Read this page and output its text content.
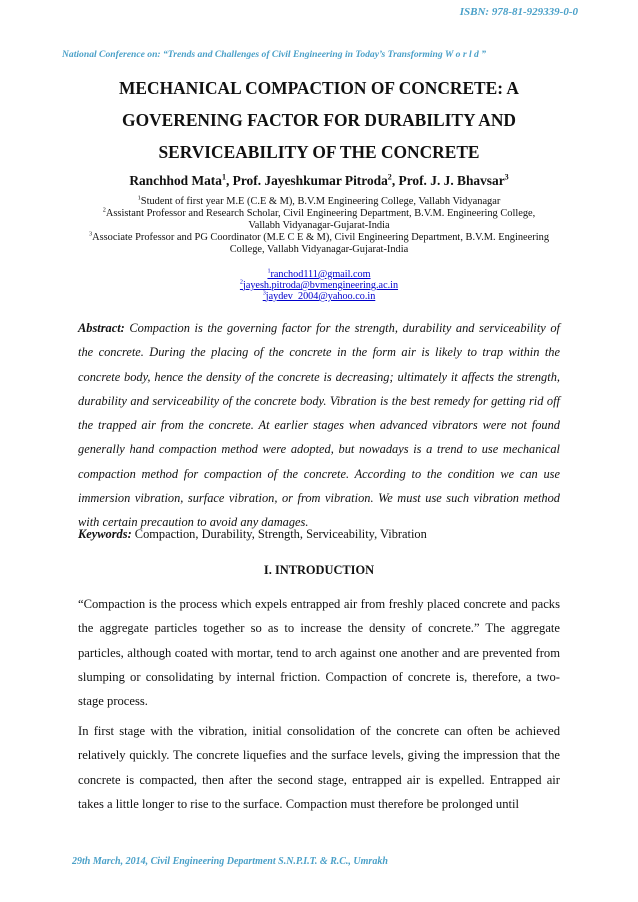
ISBN: 978-81-929339-0-0
National Conference on: “Trends and Challenges of Civil Engineering in Today’s Transforming W o r l d ”
MECHANICAL COMPACTION OF CONCRETE: A
GOVERENING FACTOR FOR DURABILITY AND
SERVICEABILITY OF THE CONCRETE
Ranchhod Mata$^1$, Prof. Jayeshkumar Pitroda$^2$, Prof. J. J. Bhavsar$^3$
$^1$Student of first year M.E (C.E & M), B.V.M Engineering College, Vallabh Vidyanagar
$^2$Assistant Professor and Research Scholar, Civil Engineering Department, B.V.M. Engineering College,
Vallabh Vidyanagar-Gujarat-India
$^3$Associate Professor and PG Coordinator (M.E C E & M), Civil Engineering Department, B.V.M. Engineering
College, Vallabh Vidyanagar-Gujarat-India
$^1$ranchod111@gmail.com
$^2$jayesh.pitroda@bvmengineering.ac.in
$^3$jaydev_2004@yahoo.co.in

Abstract: Compaction is the governing factor for the strength, durability and serviceability of the concrete. During the placing of the concrete in the form air is likely to trap within the concrete body, hence the density of the concrete is decreasing; ultimately it affects the strength, durability and serviceability of the concrete body. Vibration is the best remedy for getting rid off the trapped air from the concrete. At earlier stages when advanced vibrators were not found generally hand compaction method were adopted, but nowadays is a trend to use mechanical compaction method for compaction of the concrete. According to the condition we can use immersion vibration, surface vibration, or from vibration. We must use such vibration method with certain precaution to avoid any damages.

Keywords: Compaction, Durability, Strength, Serviceability, Vibration

I. INTRODUCTION

“Compaction is the process which expels entrapped air from freshly placed concrete and packs the aggregate particles together so as to increase the density of concrete.” The aggregate particles, although coated with mortar, tend to arch against one another and are prevented from slumping or consolidating by internal friction. Compaction of concrete is, therefore, a two-stage process.

In first stage with the vibration, initial consolidation of the concrete can often be achieved relatively quickly. The concrete liquefies and the surface levels, giving the impression that the concrete is compacted, then after the second stage, entrapped air is expelled. Entrapped air takes a little longer to rise to the surface. Compaction must therefore be prolonged until

29th March, 2014, Civil Engineering Department S.N.P.I.T. & R.C., Umrakh
